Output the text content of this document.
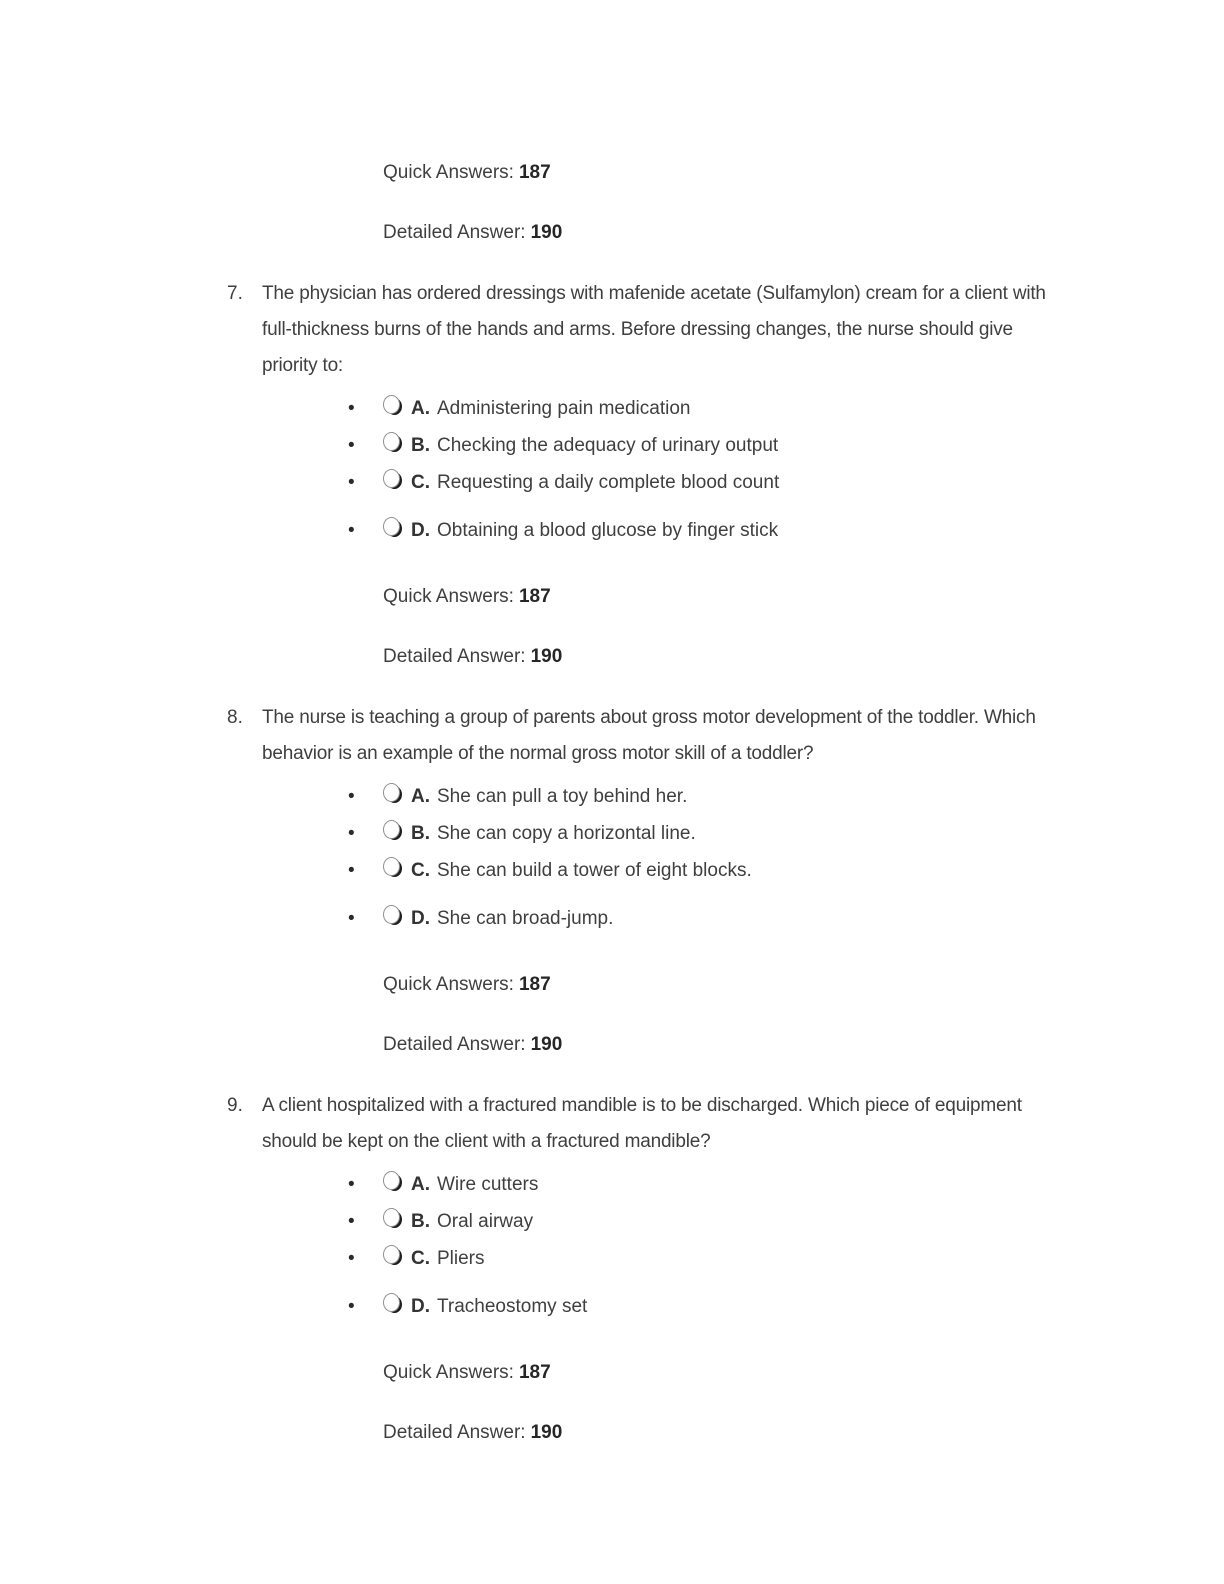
Quick Answers: 187

Detailed Answer: 190

7.	The physician has ordered dressings with mafenide acetate (Sulfamylon) cream for a client with
full-thickness burns of the hands and arms. Before dressing changes, the nurse should give
priority to:
•	A. Administering pain medication
•	B. Checking the adequacy of urinary output
•	C. Requesting a daily complete blood count
•	D. Obtaining a blood glucose by finger stick

Quick Answers: 187

Detailed Answer: 190

8.	The nurse is teaching a group of parents about gross motor development of the toddler. Which
behavior is an example of the normal gross motor skill of a toddler?
•	A. She can pull a toy behind her.
•	B. She can copy a horizontal line.
•	C. She can build a tower of eight blocks.
•	D. She can broad-jump.

Quick Answers: 187

Detailed Answer: 190

9.	A client hospitalized with a fractured mandible is to be discharged. Which piece of equipment
should be kept on the client with a fractured mandible?
•	A. Wire cutters
•	B. Oral airway
•	C. Pliers
•	D. Tracheostomy set

Quick Answers: 187

Detailed Answer: 190
